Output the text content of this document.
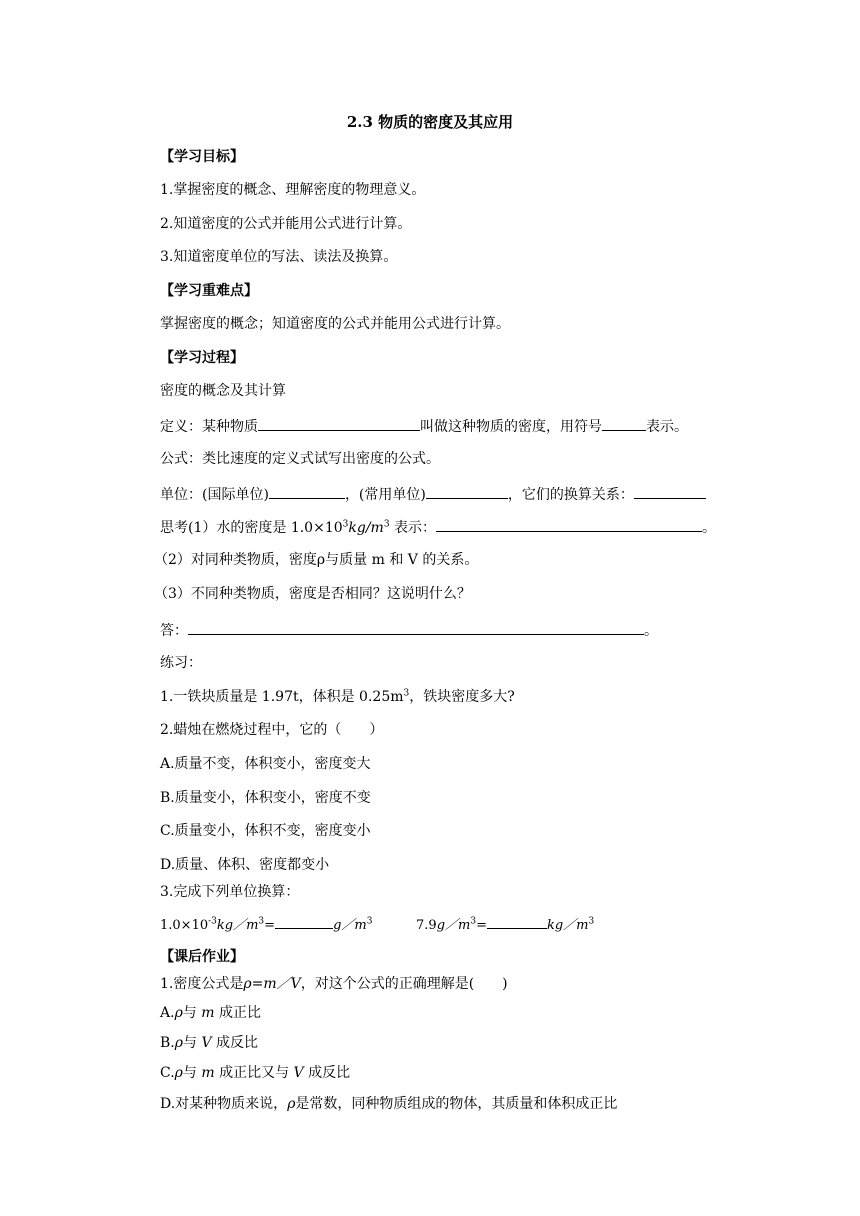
2.3 物质的密度及其应用
【学习目标】
1.掌握密度的概念、理解密度的物理意义。
2.知道密度的公式并能用公式进行计算。
3.知道密度单位的写法、读法及换算。
【学习重难点】
掌握密度的概念；知道密度的公式并能用公式进行计算。
【学习过程】
密度的概念及其计算
定义：某种物质	叫做这种物质的密度，用符号	表示。
公式：类比速度的定义式试写出密度的公式。
单位：(国际单位)	，(常用单位)	，它们的换算关系：
思考(1）水的密度是 $1.0\times 10^3kg/m^3$ 表示：	。
（2）对同种类物质，密度ρ与质量 m 和 V 的关系。
（3）不同种类物质，密度是否相同？这说明什么？
答：	。
练习：
1.一铁块质量是 1.97t，体积是 $0.25m^3$，铁块密度多大?
2.蜡烛在燃烧过程中，它的（　　）
A.质量不变，体积变小，密度变大
B.质量变小，体积变小，密度不变
C.质量变小，体积不变，密度变小
D.质量、体积、密度都变小
3.完成下列单位换算：
$1.0\times 10^{-3}kg/m^3=$	$g/m^3$	$7.9g/m^3=$	$kg/m^3$
【课后作业】
1.密度公式是ρ=m／V，对这个公式的正确理解是(　　)
A.ρ与 m 成正比
B.ρ与 V 成反比
C.ρ与 m 成正比又与 V 成反比
D.对某种物质来说，ρ是常数，同种物质组成的物体，其质量和体积成正比
